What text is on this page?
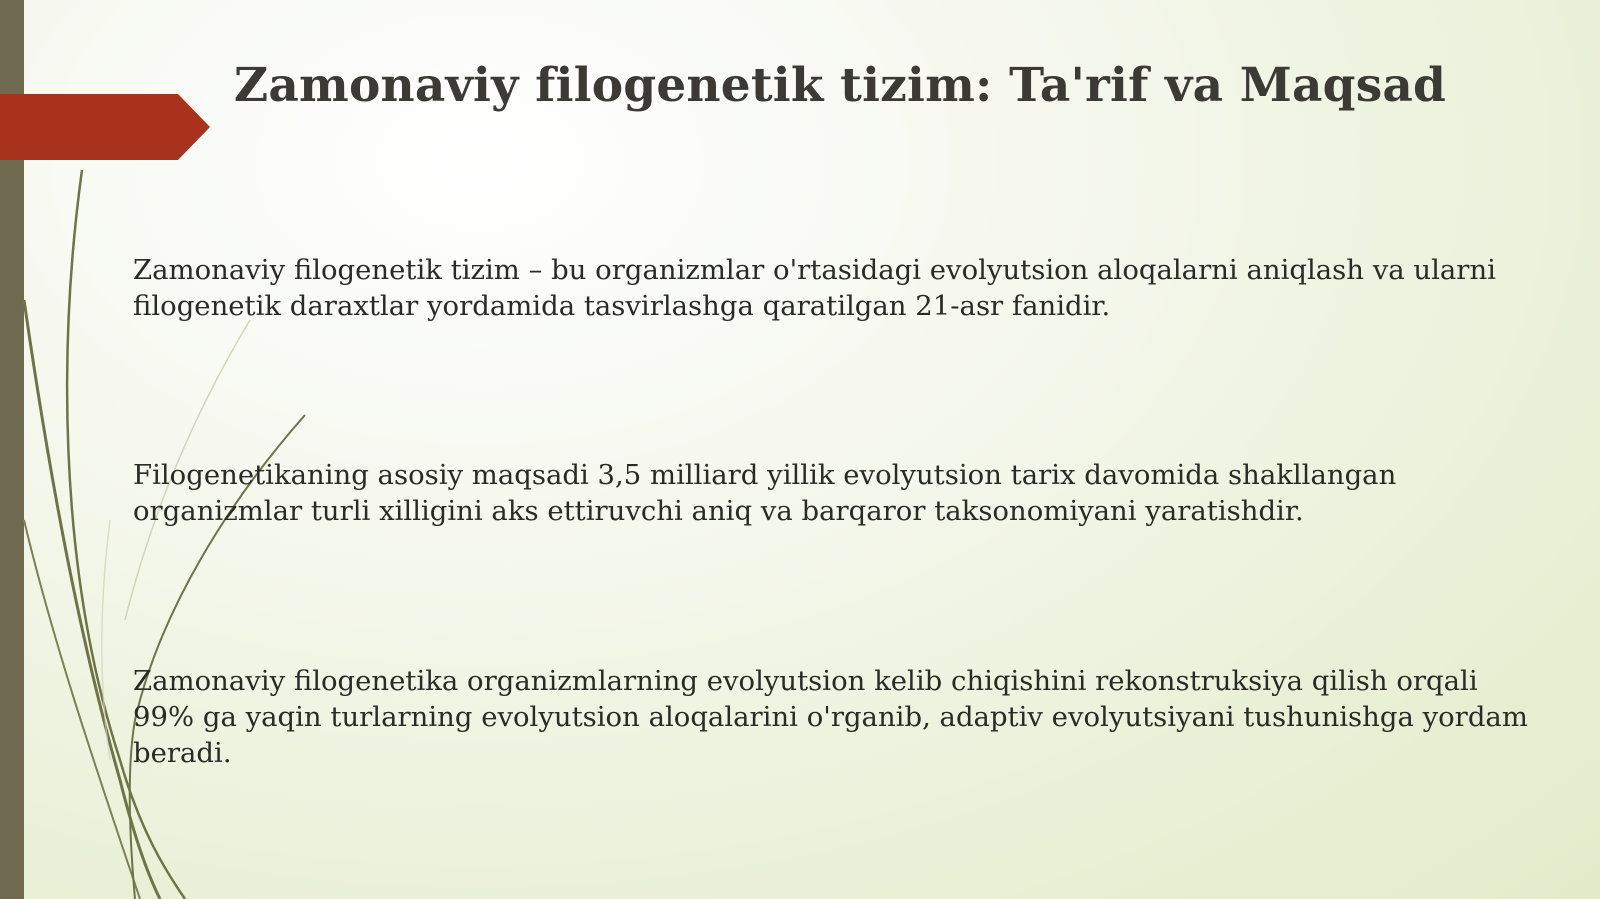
Zamonaviy filogenetik tizim: Ta'rif va Maqsad
Zamonaviy filogenetik tizim – bu organizmlar o'rtasidagi evolyutsion aloqalarni aniqlash va ularni filogenetik daraxtlar yordamida tasvirlashga qaratilgan 21-asr fanidir.
Filogenetikaning asosiy maqsadi 3,5 milliard yillik evolyutsion tarix davomida shakllangan organizmlar turli xilligini aks ettiruvchi aniq va barqaror taksonomiyani yaratishdir.
Zamonaviy filogenetika organizmlarning evolyutsion kelib chiqishini rekonstruksiya qilish orqali 99% ga yaqin turlarning evolyutsion aloqalarini o'rganib, adaptiv evolyutsiyani tushunishga yordam beradi.
